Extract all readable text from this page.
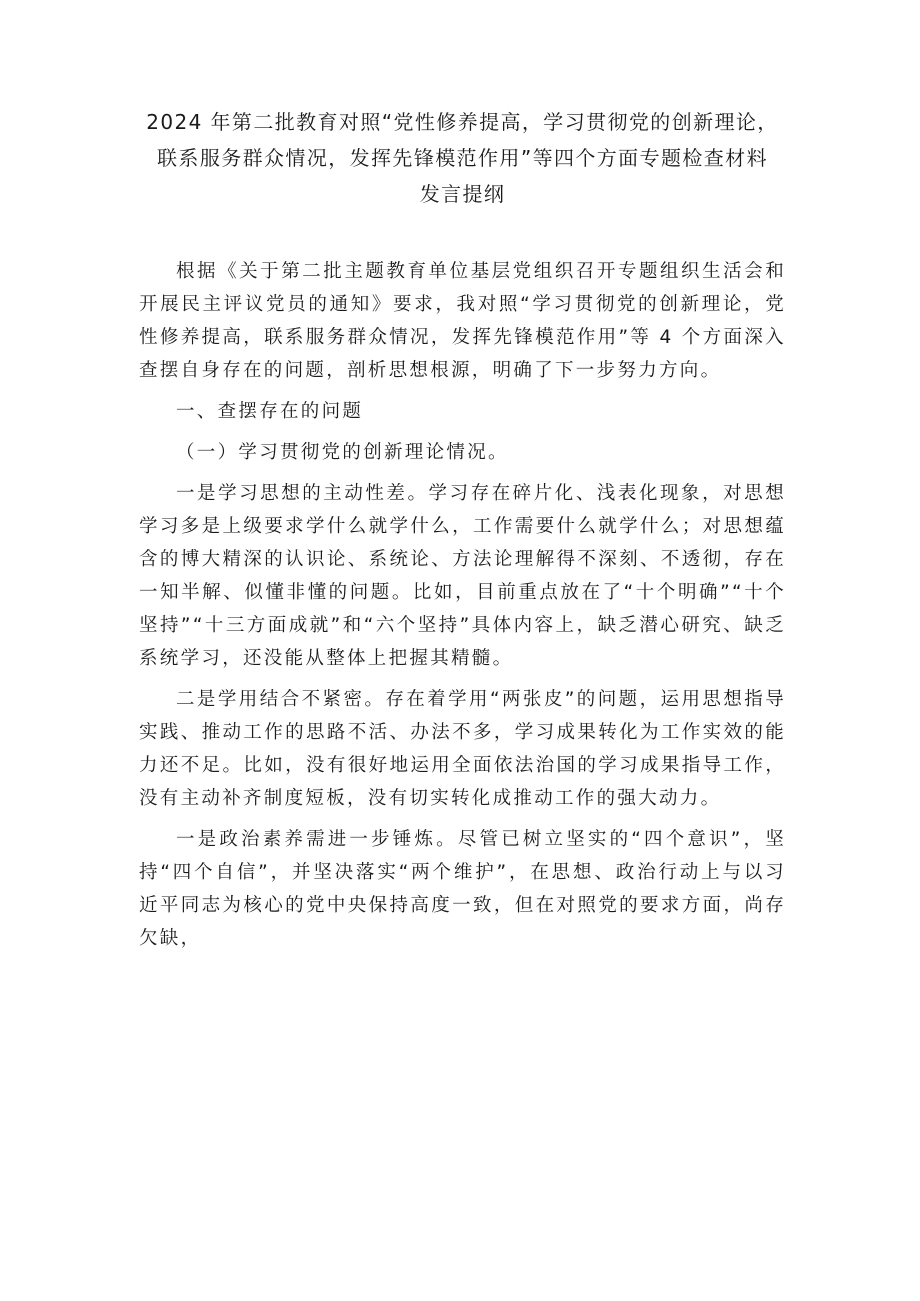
2024 年第二批教育对照“党性修养提高，学习贯彻党的创新理论，
联系服务群众情况，发挥先锋模范作用”等四个方面专题检查材料
发言提纲

根据《关于第二批主题教育单位基层党组织召开专题组织生活会和开展民主评议党员的通知》要求，我对照“学习贯彻党的创新理论，党性修养提高，联系服务群众情况，发挥先锋模范作用”等 4 个方面深入查摆自身存在的问题，剖析思想根源，明确了下一步努力方向。

一、查摆存在的问题

（一）学习贯彻党的创新理论情况。

一是学习思想的主动性差。学习存在碎片化、浅表化现象，对思想学习多是上级要求学什么就学什么，工作需要什么就学什么；对思想蕴含的博大精深的认识论、系统论、方法论理解得不深刻、不透彻，存在一知半解、似懂非懂的问题。比如，目前重点放在了“十个明确”“十个坚持”“十三方面成就”和“六个坚持”具体内容上，缺乏潜心研究、缺乏系统学习，还没能从整体上把握其精髓。

二是学用结合不紧密。存在着学用“两张皮”的问题，运用思想指导实践、推动工作的思路不活、办法不多，学习成果转化为工作实效的能力还不足。比如，没有很好地运用全面依法治国的学习成果指导工作，没有主动补齐制度短板，没有切实转化成推动工作的强大动力。

一是政治素养需进一步锤炼。尽管已树立坚实的“四个意识”，坚持“四个自信”，并坚决落实“两个维护”，在思想、政治行动上与以习近平同志为核心的党中央保持高度一致，但在对照党的要求方面，尚存欠缺，
